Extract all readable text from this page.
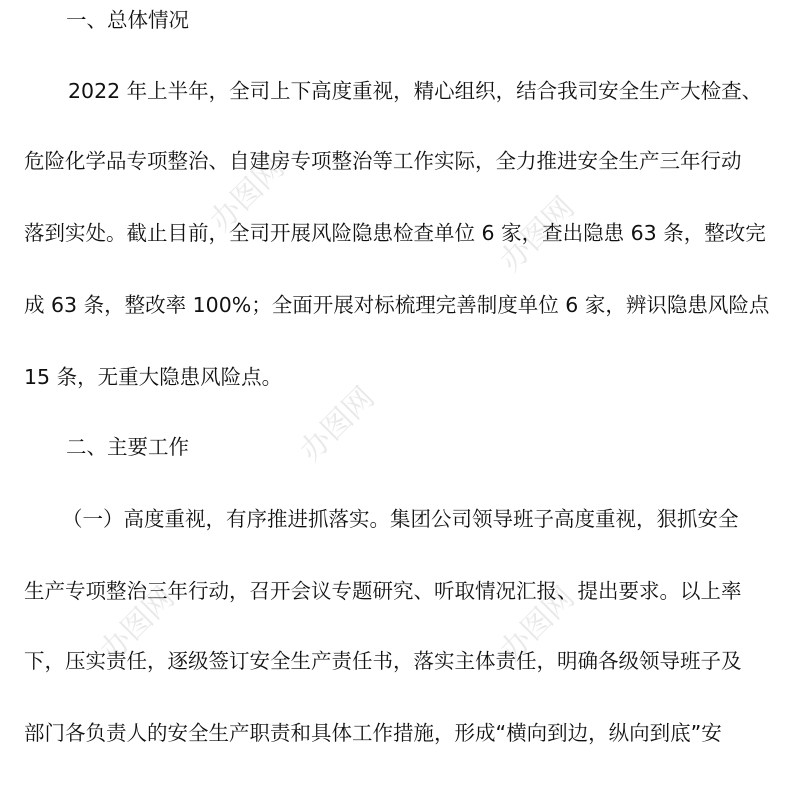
办图网	办图网
办图网
办图网	办图网
一、总体情况
2022 年上半年，全司上下高度重视，精心组织，结合我司安全生产大检查、
危险化学品专项整治、自建房专项整治等工作实际，全力推进安全生产三年行动
落到实处。截止目前，全司开展风险隐患检查单位 6 家，查出隐患 63 条，整改完
成 63 条，整改率 100%；全面开展对标梳理完善制度单位 6 家，辨识隐患风险点
15 条，无重大隐患风险点。
二、主要工作
（一）高度重视，有序推进抓落实。集团公司领导班子高度重视，狠抓安全
生产专项整治三年行动，召开会议专题研究、听取情况汇报、提出要求。以上率
下，压实责任，逐级签订安全生产责任书，落实主体责任，明确各级领导班子及
部门各负责人的安全生产职责和具体工作措施，形成“横向到边，纵向到底”安
